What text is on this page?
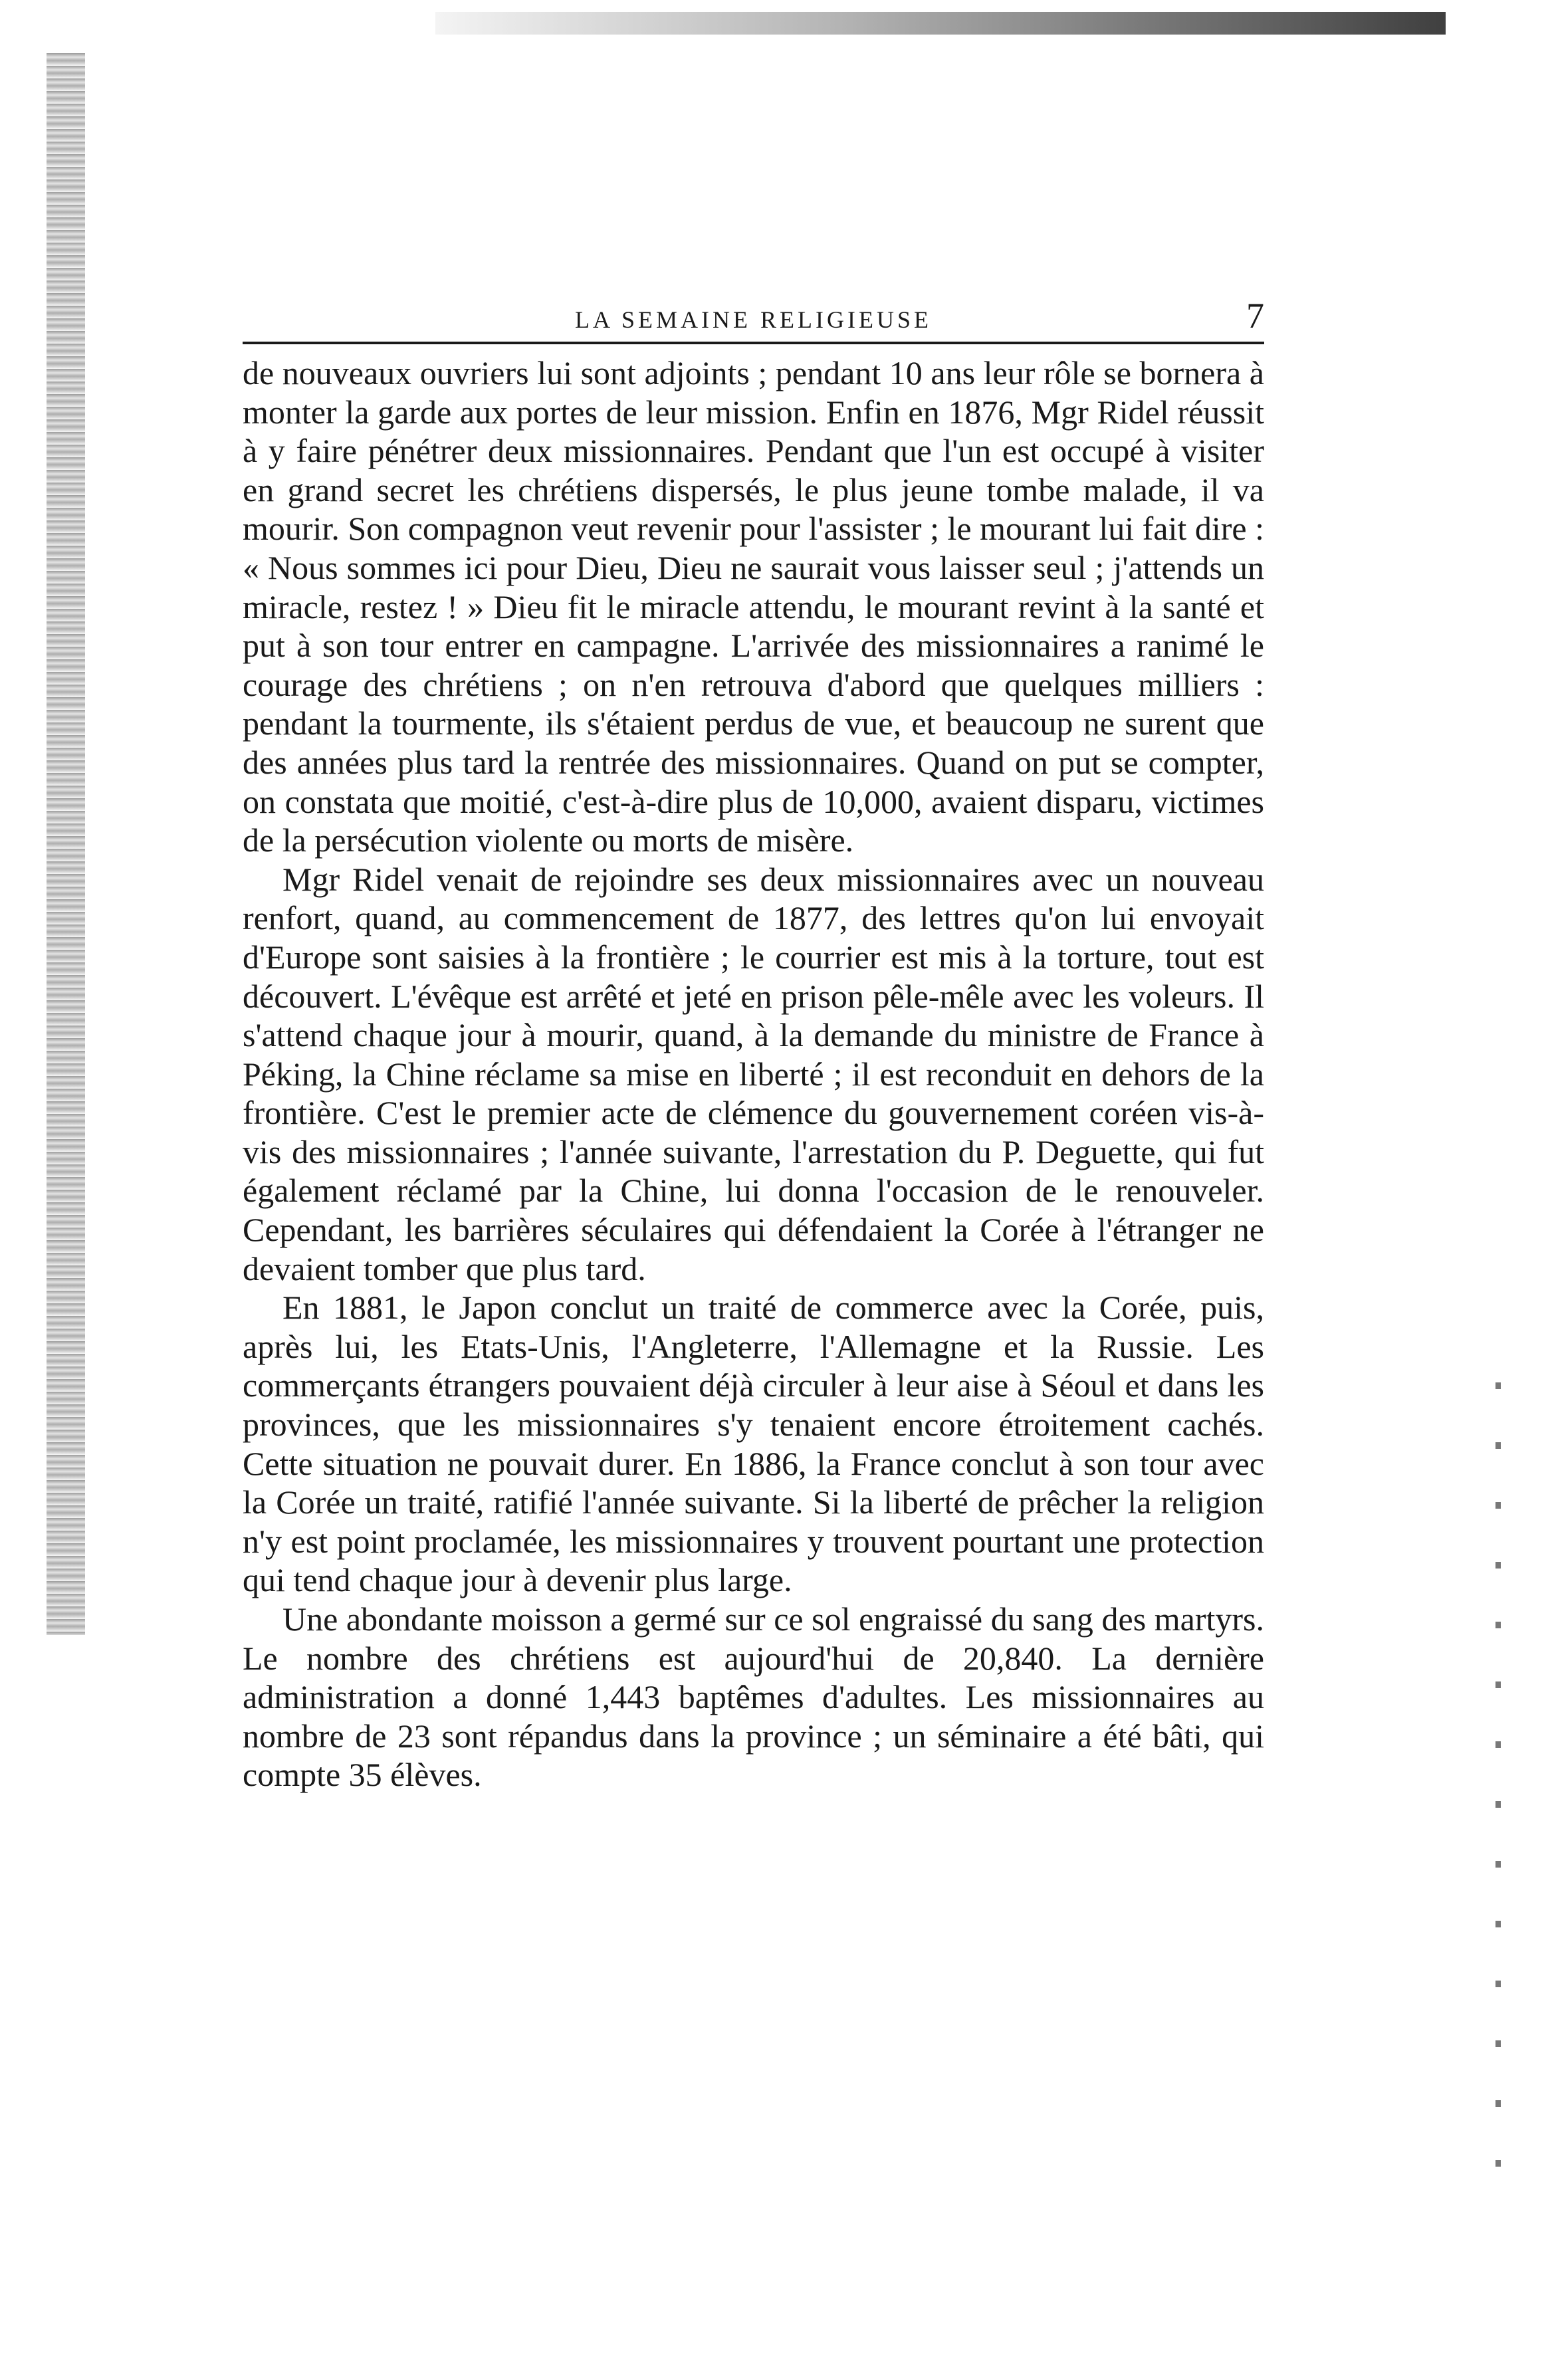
LA SEMAINE RELIGIEUSE	7

de nouveaux ouvriers lui sont adjoints ; pendant 10 ans leur rôle se bornera à monter la garde aux portes de leur mission. Enfin en 1876, Mgr Ridel réussit à y faire pénétrer deux missionnaires. Pendant que l'un est occupé à visiter en grand secret les chrétiens dispersés, le plus jeune tombe malade, il va mourir. Son compagnon veut revenir pour l'assister ; le mourant lui fait dire : « Nous sommes ici pour Dieu, Dieu ne saurait vous laisser seul ; j'attends un miracle, restez ! » Dieu fit le miracle attendu, le mourant revint à la santé et put à son tour entrer en campagne. L'arrivée des missionnaires a ranimé le courage des chrétiens ; on n'en retrouva d'abord que quelques milliers : pendant la tourmente, ils s'étaient perdus de vue, et beaucoup ne surent que des années plus tard la rentrée des missionnaires. Quand on put se compter, on constata que moitié, c'est-à-dire plus de 10,000, avaient disparu, victimes de la persécution violente ou morts de misère.

Mgr Ridel venait de rejoindre ses deux missionnaires avec un nouveau renfort, quand, au commencement de 1877, des lettres qu'on lui envoyait d'Europe sont saisies à la frontière ; le courrier est mis à la torture, tout est découvert. L'évêque est arrêté et jeté en prison pêle-mêle avec les voleurs. Il s'attend chaque jour à mourir, quand, à la demande du ministre de France à Péking, la Chine réclame sa mise en liberté ; il est reconduit en dehors de la frontière. C'est le premier acte de clémence du gouvernement coréen vis-à-vis des missionnaires ; l'année suivante, l'arrestation du P. Deguette, qui fut également réclamé par la Chine, lui donna l'occasion de le renouveler. Cependant, les barrières séculaires qui défendaient la Corée à l'étranger ne devaient tomber que plus tard.

En 1881, le Japon conclut un traité de commerce avec la Corée, puis, après lui, les Etats-Unis, l'Angleterre, l'Allemagne et la Russie. Les commerçants étrangers pouvaient déjà circuler à leur aise à Séoul et dans les provinces, que les missionnaires s'y tenaient encore étroitement cachés. Cette situation ne pouvait durer. En 1886, la France conclut à son tour avec la Corée un traité, ratifié l'année suivante. Si la liberté de prêcher la religion n'y est point proclamée, les missionnaires y trouvent pourtant une protection qui tend chaque jour à devenir plus large.

Une abondante moisson a germé sur ce sol engraissé du sang des martyrs. Le nombre des chrétiens est aujourd'hui de 20,840. La dernière administration a donné 1,443 baptêmes d'adultes. Les missionnaires au nombre de 23 sont répandus dans la province ; un séminaire a été bâti, qui compte 35 élèves.
